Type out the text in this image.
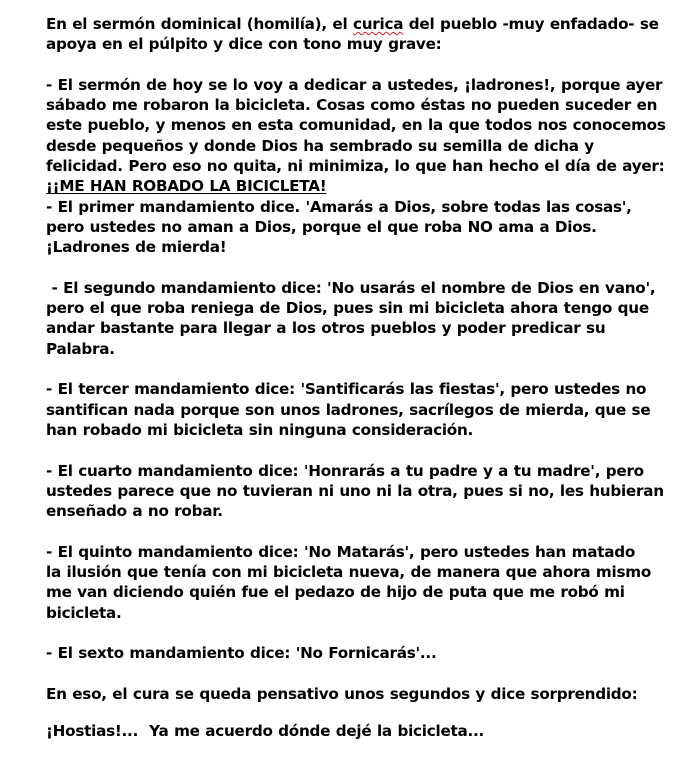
En el sermón dominical (homilía), el curica del pueblo -muy enfadado- se
apoya en el púlpito y dice con tono muy grave:
- El sermón de hoy se lo voy a dedicar a ustedes, ¡ladrones!, porque ayer
sábado me robaron la bicicleta. Cosas como éstas no pueden suceder en
este pueblo, y menos en esta comunidad, en la que todos nos conocemos
desde pequeños y donde Dios ha sembrado su semilla de dicha y
felicidad. Pero eso no quita, ni minimiza, lo que han hecho el día de ayer:
¡¡ME HAN ROBADO LA BICICLETA!
- El primer mandamiento dice. 'Amarás a Dios, sobre todas las cosas',
pero ustedes no aman a Dios, porque el que roba NO ama a Dios.
¡Ladrones de mierda!
- El segundo mandamiento dice: 'No usarás el nombre de Dios en vano',
pero el que roba reniega de Dios, pues sin mi bicicleta ahora tengo que
andar bastante para llegar a los otros pueblos y poder predicar su
Palabra.
- El tercer mandamiento dice: 'Santificarás las fiestas', pero ustedes no
santifican nada porque son unos ladrones, sacrílegos de mierda, que se
han robado mi bicicleta sin ninguna consideración.
- El cuarto mandamiento dice: 'Honrarás a tu padre y a tu madre', pero
ustedes parece que no tuvieran ni uno ni la otra, pues si no, les hubieran
enseñado a no robar.
- El quinto mandamiento dice: 'No Matarás', pero ustedes han matado
la ilusión que tenía con mi bicicleta nueva, de manera que ahora mismo
me van diciendo quién fue el pedazo de hijo de puta que me robó mi
bicicleta.
- El sexto mandamiento dice: 'No Fornicarás'...
En eso, el cura se queda pensativo unos segundos y dice sorprendido:
¡Hostias!...  Ya me acuerdo dónde dejé la bicicleta...
